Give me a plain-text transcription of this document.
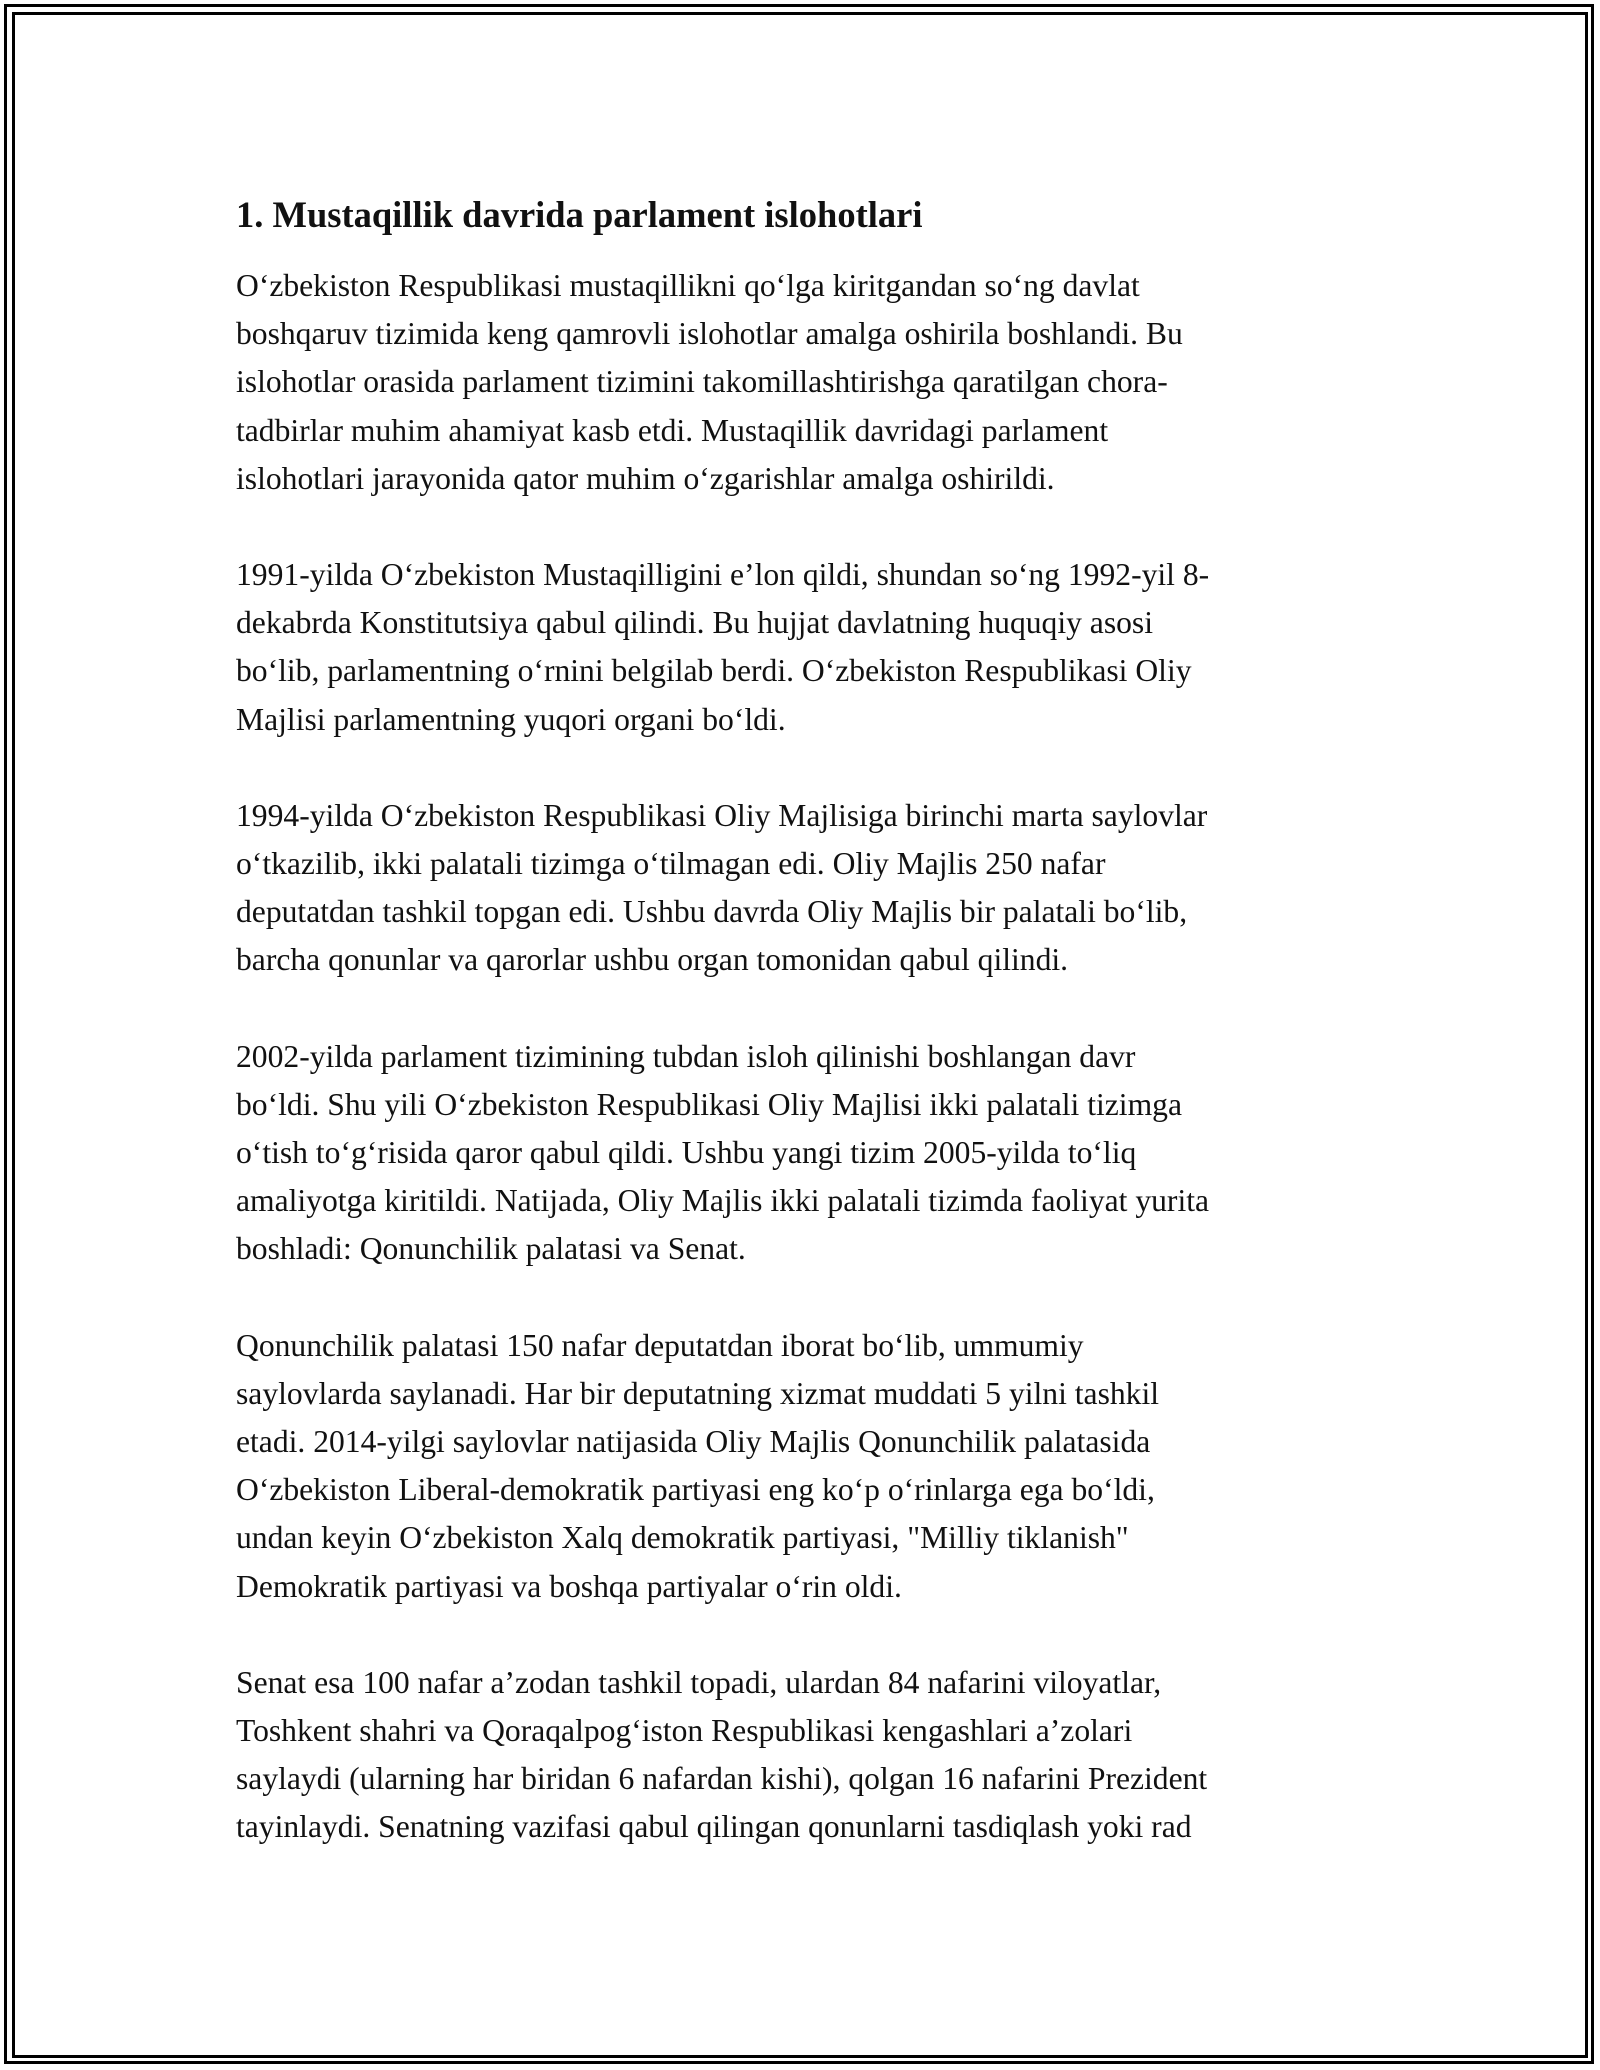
1. Mustaqillik davrida parlament islohotlari

O‘zbekiston Respublikasi mustaqillikni qo‘lga kiritgandan so‘ng davlat
boshqaruv tizimida keng qamrovli islohotlar amalga oshirila boshlandi. Bu
islohotlar orasida parlament tizimini takomillashtirishga qaratilgan chora-
tadbirlar muhim ahamiyat kasb etdi. Mustaqillik davridagi parlament
islohotlari jarayonida qator muhim o‘zgarishlar amalga oshirildi.

1991-yilda O‘zbekiston Mustaqilligini e’lon qildi, shundan so‘ng 1992-yil 8-
dekabrda Konstitutsiya qabul qilindi. Bu hujjat davlatning huquqiy asosi
bo‘lib, parlamentning o‘rnini belgilab berdi. O‘zbekiston Respublikasi Oliy
Majlisi parlamentning yuqori organi bo‘ldi.

1994-yilda O‘zbekiston Respublikasi Oliy Majlisiga birinchi marta saylovlar
o‘tkazilib, ikki palatali tizimga o‘tilmagan edi. Oliy Majlis 250 nafar
deputatdan tashkil topgan edi. Ushbu davrda Oliy Majlis bir palatali bo‘lib,
barcha qonunlar va qarorlar ushbu organ tomonidan qabul qilindi.

2002-yilda parlament tizimining tubdan isloh qilinishi boshlangan davr
bo‘ldi. Shu yili O‘zbekiston Respublikasi Oliy Majlisi ikki palatali tizimga
o‘tish to‘g‘risida qaror qabul qildi. Ushbu yangi tizim 2005-yilda to‘liq
amaliyotga kiritildi. Natijada, Oliy Majlis ikki palatali tizimda faoliyat yurita
boshladi: Qonunchilik palatasi va Senat.

Qonunchilik palatasi 150 nafar deputatdan iborat bo‘lib, ummumiy
saylovlarda saylanadi. Har bir deputatning xizmat muddati 5 yilni tashkil
etadi. 2014-yilgi saylovlar natijasida Oliy Majlis Qonunchilik palatasida
O‘zbekiston Liberal-demokratik partiyasi eng ko‘p o‘rinlarga ega bo‘ldi,
undan keyin O‘zbekiston Xalq demokratik partiyasi, "Milliy tiklanish"
Demokratik partiyasi va boshqa partiyalar o‘rin oldi.

Senat esa 100 nafar a’zodan tashkil topadi, ulardan 84 nafarini viloyatlar,
Toshkent shahri va Qoraqalpog‘iston Respublikasi kengashlari a’zolari
saylaydi (ularning har biridan 6 nafardan kishi), qolgan 16 nafarini Prezident
tayinlaydi. Senatning vazifasi qabul qilingan qonunlarni tasdiqlash yoki rad
